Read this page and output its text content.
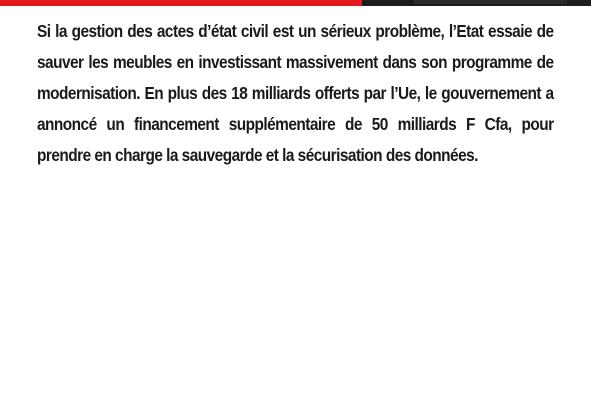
Si la gestion des actes d’état civil est un sérieux problème, l’Etat essaie de sauver les meubles en investissant massivement dans son programme de modernisation. En plus des 18 milliards offerts par l’Ue, le gouvernement a annoncé un financement supplémentaire de 50 milliards F Cfa, pour prendre en charge la sauvegarde et la sécurisation des données.
